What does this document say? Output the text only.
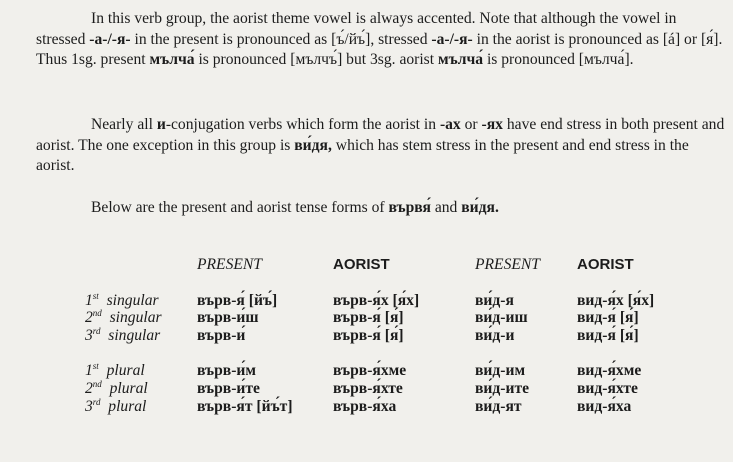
In this verb group, the aorist theme vowel is always accented. Note that although the vowel in stressed -а-/-я- in the present is pronounced as [ъ́/йъ́], stressed -а-/-я- in the aorist is pronounced as [á] or [я́]. Thus 1sg. present мълча́ is pronounced [мълчъ́] but 3sg. aorist мълча́ is pronounced [мълча́].

Nearly all и-conjugation verbs which form the aorist in -ах or -ях have end stress in both present and aorist. The one exception in this group is ви́дя, which has stem stress in the present and end stress in the aorist.

Below are the present and aorist tense forms of вървя́ and ви́дя.

	PRESENT	AORIST	PRESENT	AORIST
1st singular	върв-я́ [йъ́]	върв-я́х [я́х]	ви́д-я	вид-я́х [я́х]
2nd singular	върв-и́ш	върв-я́ [я́]	ви́д-иш	вид-я́ [я́]
3rd singular	върв-и́	върв-я́ [я́]	ви́д-и	вид-я́ [я́]

1st plural	върв-и́м	върв-я́хме	ви́д-им	вид-я́хме
2nd plural	върв-и́те	върв-я́хте	ви́д-ите	вид-я́хте
3rd plural	върв-я́т [йъ́т]	върв-я́ха	ви́д-ят	вид-я́ха
